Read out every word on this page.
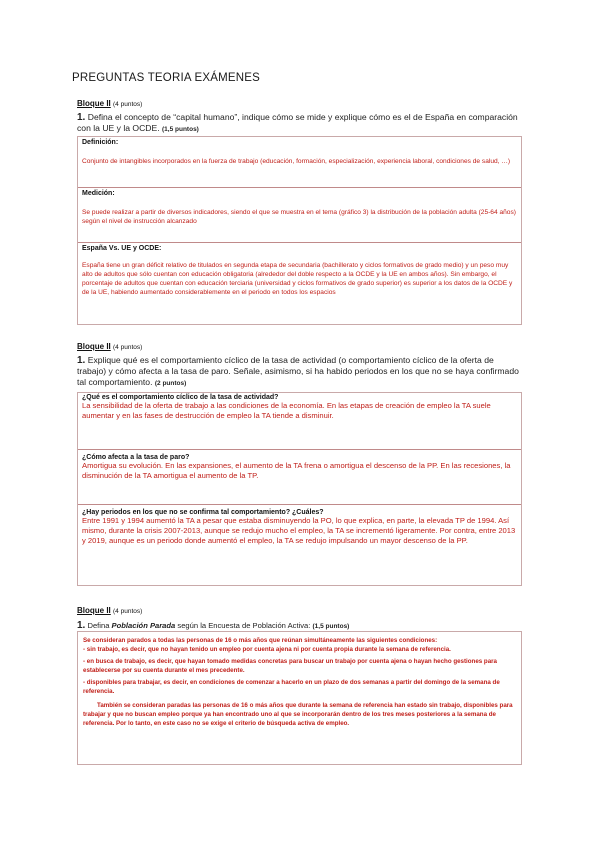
PREGUNTAS TEORIA EXÁMENES
Bloque II (4 puntos)
1. Defina el concepto de “capital humano”, indique cómo se mide y explique cómo es el de España en comparación con la UE y la OCDE. (1,5 puntos)
Definición:
Conjunto de intangibles incorporados en la fuerza de trabajo (educación, formación, especialización, experiencia laboral, condiciones de salud, …)
Medición:
Se puede realizar a partir de diversos indicadores, siendo el que se muestra en el tema (gráfico 3) la distribución de la población adulta (25-64 años) según el nivel de instrucción alcanzado
España Vs. UE y OCDE:
España tiene un gran déficit relativo de titulados en segunda etapa de secundaria (bachillerato y ciclos formativos de grado medio) y un peso muy alto de adultos que sólo cuentan con educación obligatoria (alrededor del doble respecto a la OCDE y la UE en ambos años). Sin embargo, el porcentaje de adultos que cuentan con educación terciaria (universidad y ciclos formativos de grado superior) es superior a los datos de la OCDE y de la UE, habiendo aumentado considerablemente en el periodo en todos los espacios
Bloque II (4 puntos)
1. Explique qué es el comportamiento cíclico de la tasa de actividad (o comportamiento cíclico de la oferta de trabajo) y cómo afecta a la tasa de paro. Señale, asimismo, si ha habido periodos en los que no se haya confirmado tal comportamiento. (2 puntos)
¿Qué es el comportamiento cíclico de la tasa de actividad?
La sensibilidad de la oferta de trabajo a las condiciones de la economía. En las etapas de creación de empleo la TA suele aumentar y en las fases de destrucción de empleo la TA tiende a disminuir.
¿Cómo afecta a la tasa de paro?
Amortigua su evolución. En las expansiones, el aumento de la TA frena o amortigua el descenso de la PP. En las recesiones, la disminución de la TA amortigua el aumento de la TP.
¿Hay periodos en los que no se confirma tal comportamiento? ¿Cuáles?
Entre 1991 y 1994 aumentó la TA a pesar que estaba disminuyendo la PO, lo que explica, en parte, la elevada TP de 1994. Así mismo, durante la crisis 2007-2013, aunque se redujo mucho el empleo, la TA se incrementó ligeramente. Por contra, entre 2013 y 2019, aunque es un periodo donde aumentó el empleo, la TA se redujo impulsando un mayor descenso de la PP.
Bloque II (4 puntos)
1. Defina Población Parada según la Encuesta de Población Activa: (1,5 puntos)
Se consideran parados a todas las personas de 16 o más años que reúnan simultáneamente las siguientes condiciones:
- sin trabajo, es decir, que no hayan tenido un empleo por cuenta ajena ni por cuenta propia durante la semana de referencia.
- en busca de trabajo, es decir, que hayan tomado medidas concretas para buscar un trabajo por cuenta ajena o hayan hecho gestiones para establecerse por su cuenta durante el mes precedente.
- disponibles para trabajar, es decir, en condiciones de comenzar a hacerlo en un plazo de dos semanas a partir del domingo de la semana de referencia.
También se consideran paradas las personas de 16 o más años que durante la semana de referencia han estado sin trabajo, disponibles para trabajar y que no buscan empleo porque ya han encontrado uno al que se incorporarán dentro de los tres meses posteriores a la semana de referencia. Por lo tanto, en este caso no se exige el criterio de búsqueda activa de empleo.
